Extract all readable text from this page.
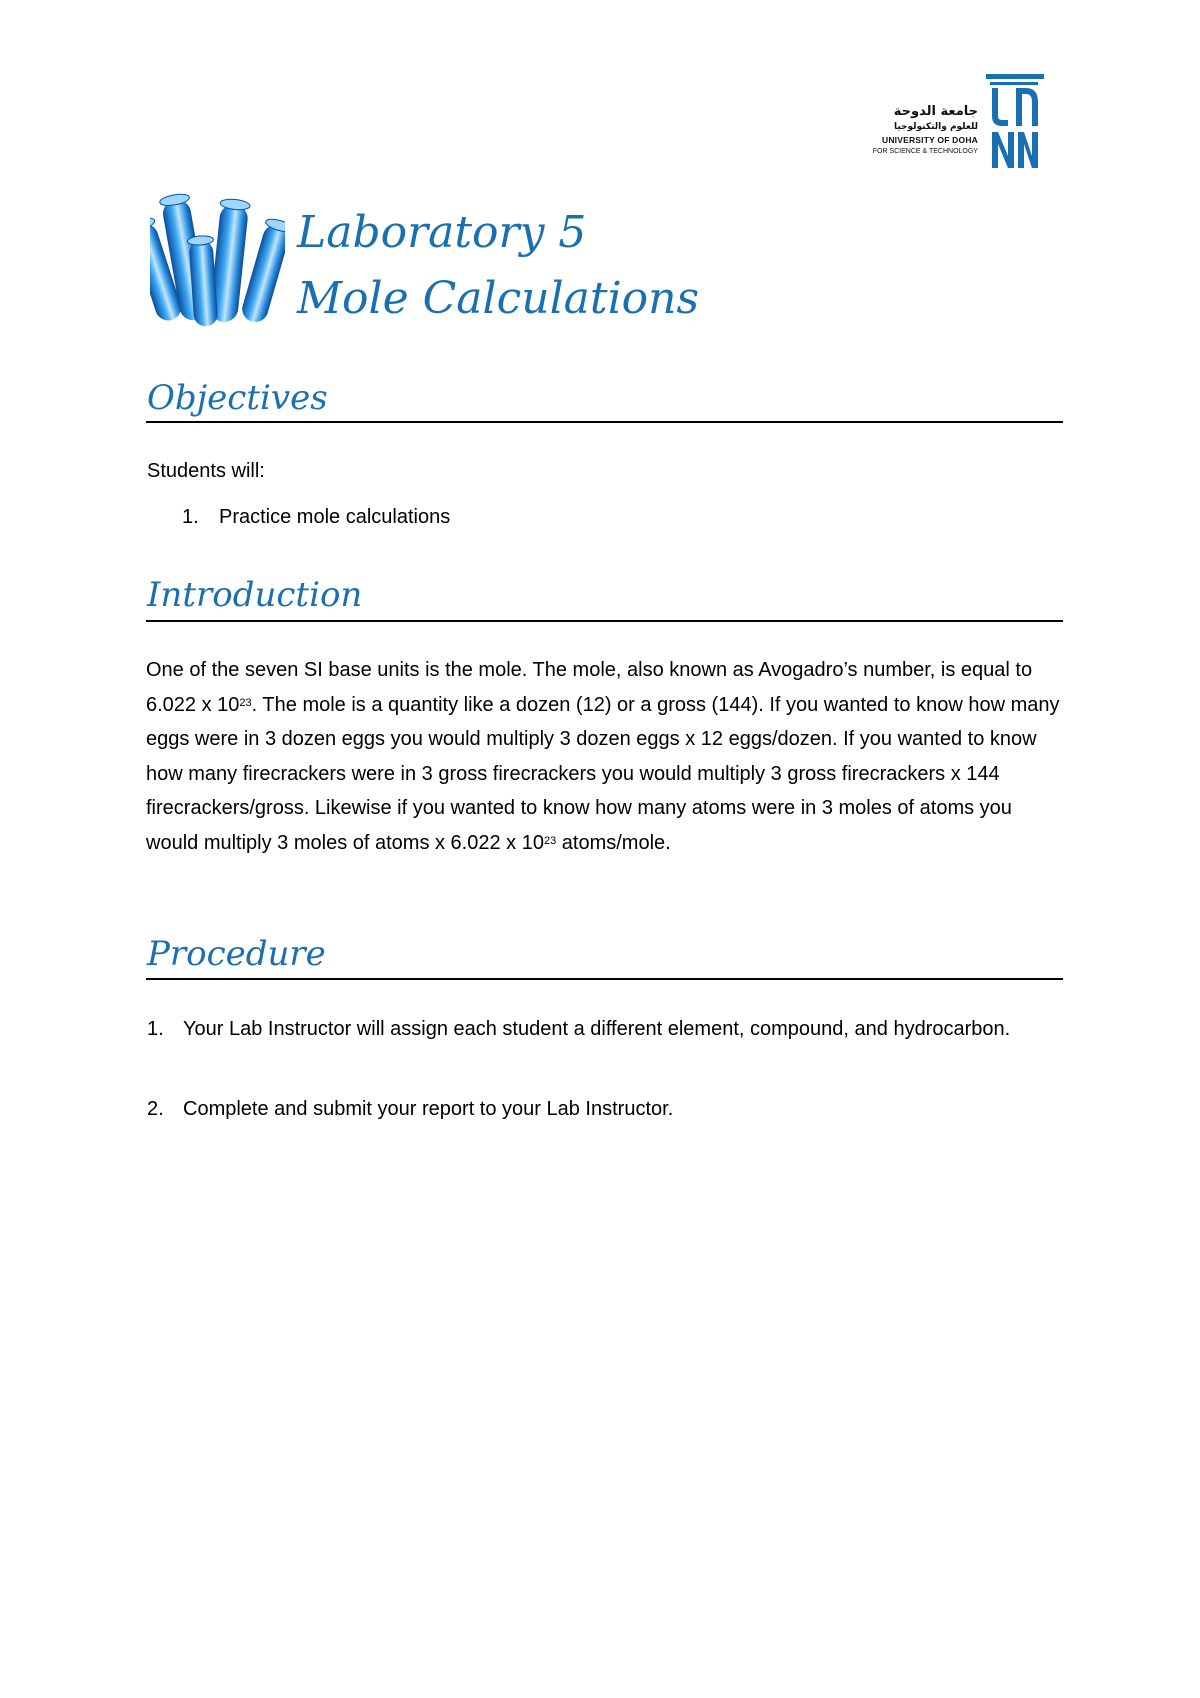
جامعة الدوحة
للعلوم والتكنولوجيا
UNIVERSITY OF DOHA
FOR SCIENCE & TECHNOLOGY
Laboratory 5
Mole Calculations
Objectives
Students will:
1. Practice mole calculations
Introduction
One of the seven SI base units is the mole. The mole, also known as Avogadro’s number, is equal to 6.022 x $10^{23}$. The mole is a quantity like a dozen (12) or a gross (144). If you wanted to know how many eggs were in 3 dozen eggs you would multiply 3 dozen eggs x 12 eggs/dozen. If you wanted to know how many firecrackers were in 3 gross firecrackers you would multiply 3 gross firecrackers x 144 firecrackers/gross. Likewise if you wanted to know how many atoms were in 3 moles of atoms you would multiply 3 moles of atoms x 6.022 x $10^{23}$ atoms/mole.
Procedure
1. Your Lab Instructor will assign each student a different element, compound, and hydrocarbon.
2. Complete and submit your report to your Lab Instructor.
